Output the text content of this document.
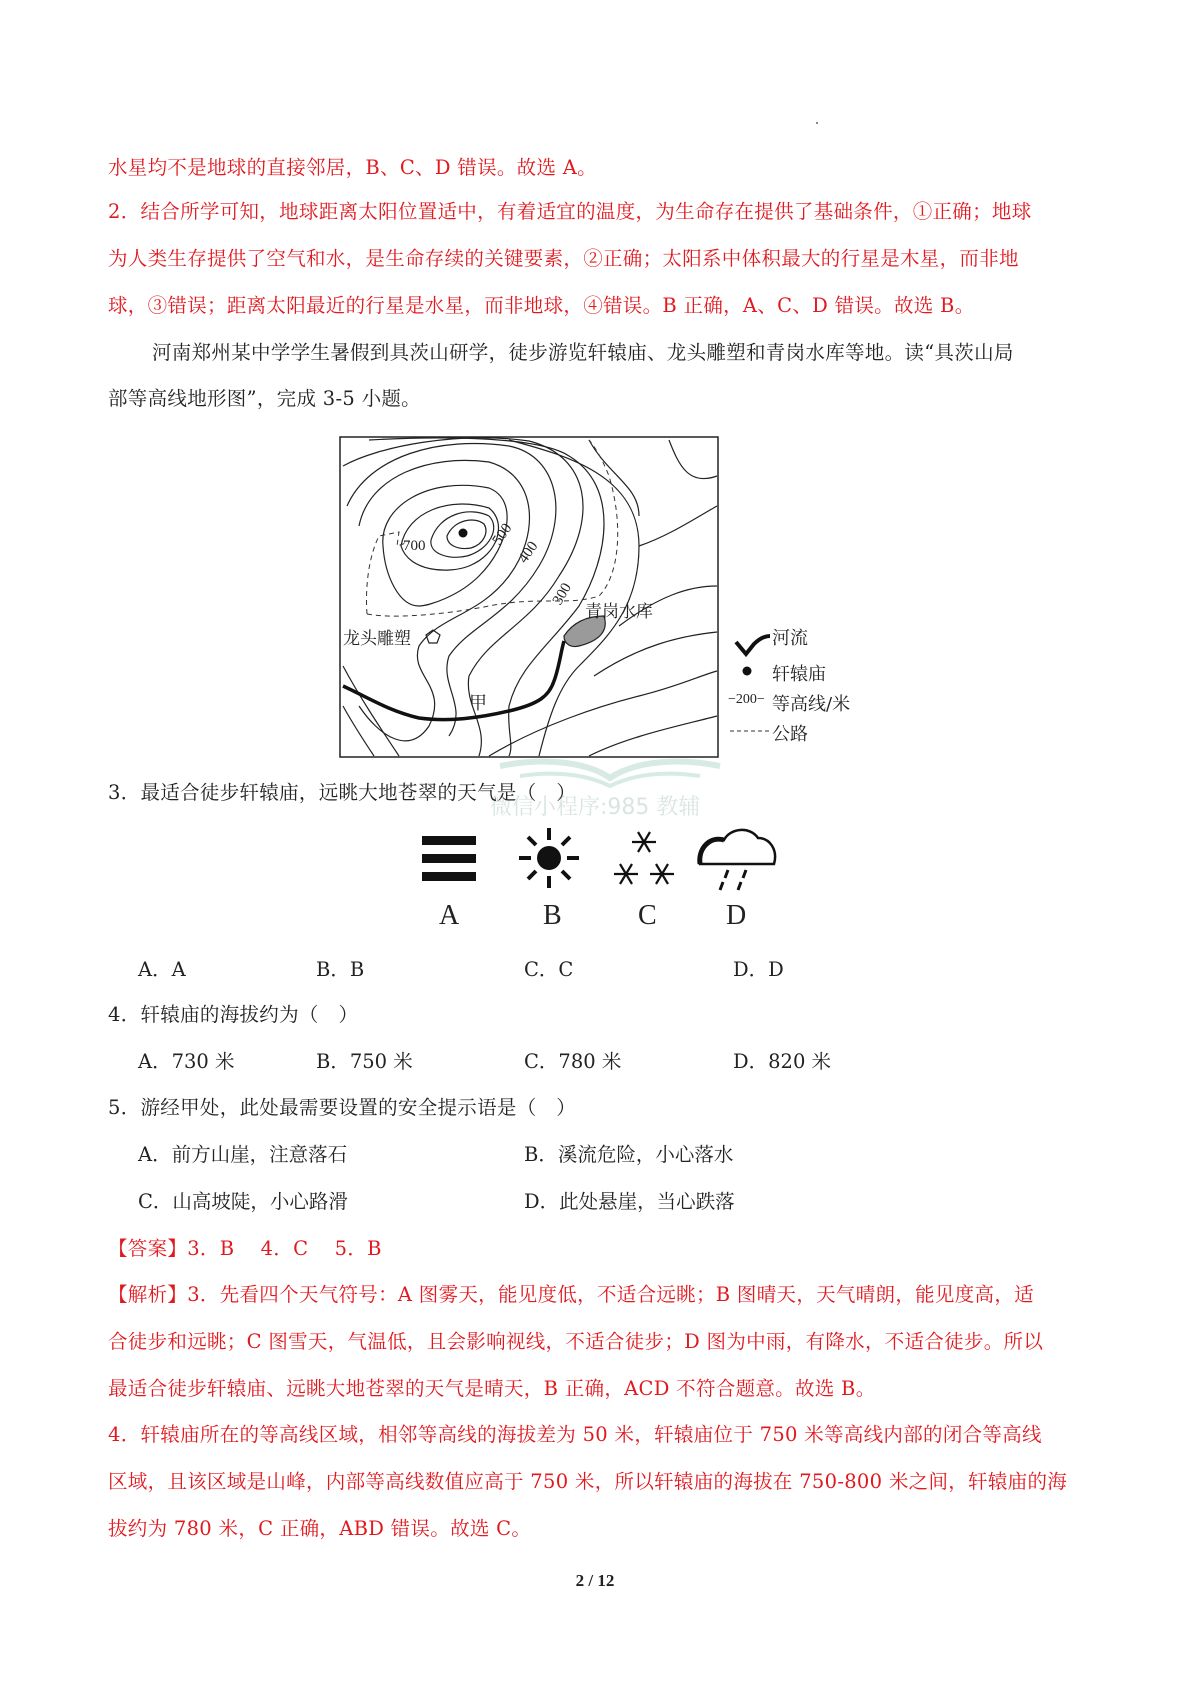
水星均不是地球的直接邻居，B、C、D 错误。故选 A。
2．结合所学可知，地球距离太阳位置适中，有着适宜的温度，为生命存在提供了基础条件，①正确；地球
为人类生存提供了空气和水，是生命存续的关键要素，②正确；太阳系中体积最大的行星是木星，而非地
球，③错误；距离太阳最近的行星是水星，而非地球，④错误。B 正确，A、C、D 错误。故选 B。
河南郑州某中学学生暑假到具茨山研学，徒步游览轩辕庙、龙头雕塑和青岗水库等地。读“具茨山局
部等高线地形图”，完成 3-5 小题。
700	500
400
300
青岗水库
龙头雕塑
甲
河流
轩辕庙
−200− 等高线/米
公路
微信小程序:985 教辅
3．最适合徒步轩辕庙，远眺大地苍翠的天气是（　）
A	B	C D
A．A	B．B	C．C	D．D
4．轩辕庙的海拔约为（　）
A．730 米	B．750 米	C．780 米	D．820 米
5．游经甲处，此处最需要设置的安全提示语是（　）
A．前方山崖，注意落石	B．溪流危险，小心落水
C．山高坡陡，小心路滑	D．此处悬崖，当心跌落
【答案】3．B　 4．C　 5．B
【解析】3．先看四个天气符号：A 图雾天，能见度低，不适合远眺；B 图晴天，天气晴朗，能见度高，适
合徒步和远眺；C 图雪天，气温低，且会影响视线，不适合徒步；D 图为中雨，有降水，不适合徒步。所以
最适合徒步轩辕庙、远眺大地苍翠的天气是晴天，B 正确，ACD 不符合题意。故选 B。
4．轩辕庙所在的等高线区域，相邻等高线的海拔差为 50 米，轩辕庙位于 750 米等高线内部的闭合等高线
区域，且该区域是山峰，内部等高线数值应高于 750 米，所以轩辕庙的海拔在 750-800 米之间，轩辕庙的海
拔约为 780 米，C 正确，ABD 错误。故选 C。
2 / 12
